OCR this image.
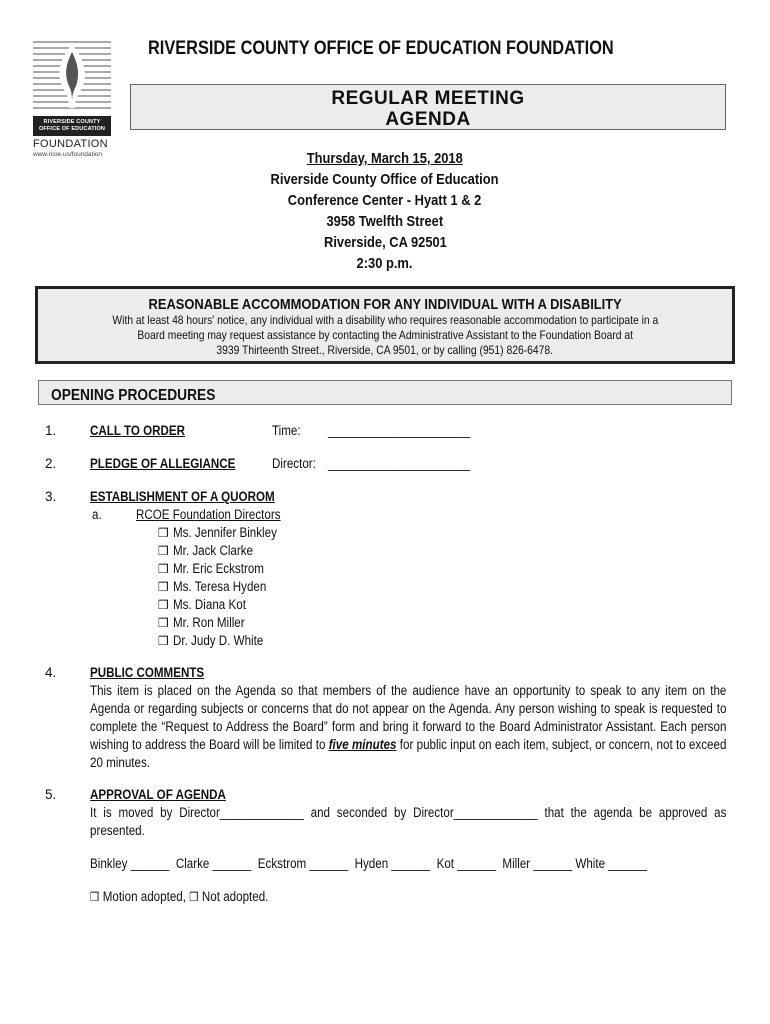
RIVERSIDE COUNTY
OFFICE OF EDUCATION
FOUNDATION
www.rcoe.us/foundation
RIVERSIDE COUNTY OFFICE OF EDUCATION FOUNDATION
REGULAR MEETING
AGENDA
Thursday, March 15, 2018
Riverside County Office of Education
Conference Center - Hyatt 1 & 2
3958 Twelfth Street
Riverside, CA 92501
2:30 p.m.
REASONABLE ACCOMMODATION FOR ANY INDIVIDUAL WITH A DISABILITY
With at least 48 hours' notice, any individual with a disability who requires reasonable accommodation to participate in a
Board meeting may request assistance by contacting the Administrative Assistant to the Foundation Board at
3939 Thirteenth Street., Riverside, CA 9501, or by calling (951) 826-6478.
OPENING PROCEDURES
1. CALL TO ORDER	Time:	______________________
2. PLEDGE OF ALLEGIANCE	Director: ______________________
3. ESTABLISHMENT OF A QUOROM
a.	RCOE Foundation Directors
❒ Ms. Jennifer Binkley
❒ Mr. Jack Clarke
❒ Mr. Eric Eckstrom
❒ Ms. Teresa Hyden
❒ Ms. Diana Kot
❒ Mr. Ron Miller
❒ Dr. Judy D. White
4. PUBLIC COMMENTS
This item is placed on the Agenda so that members of the audience have an opportunity to speak to any item on the Agenda or regarding subjects or concerns that do not appear on the Agenda. Any person wishing to speak is requested to complete the “Request to Address the Board” form and bring it forward to the Board Administrator Assistant. Each person wishing to address the Board will be limited to five minutes for public input on each item, subject, or concern, not to exceed 20 minutes.
5. APPROVAL OF AGENDA
It is moved by Director_____________ and seconded by Director_____________ that the agenda be approved as presented.
Binkley ______  Clarke ______  Eckstrom ______  Hyden ______  Kot ______  Miller ______ White ______
❒ Motion adopted, ❒ Not adopted.
